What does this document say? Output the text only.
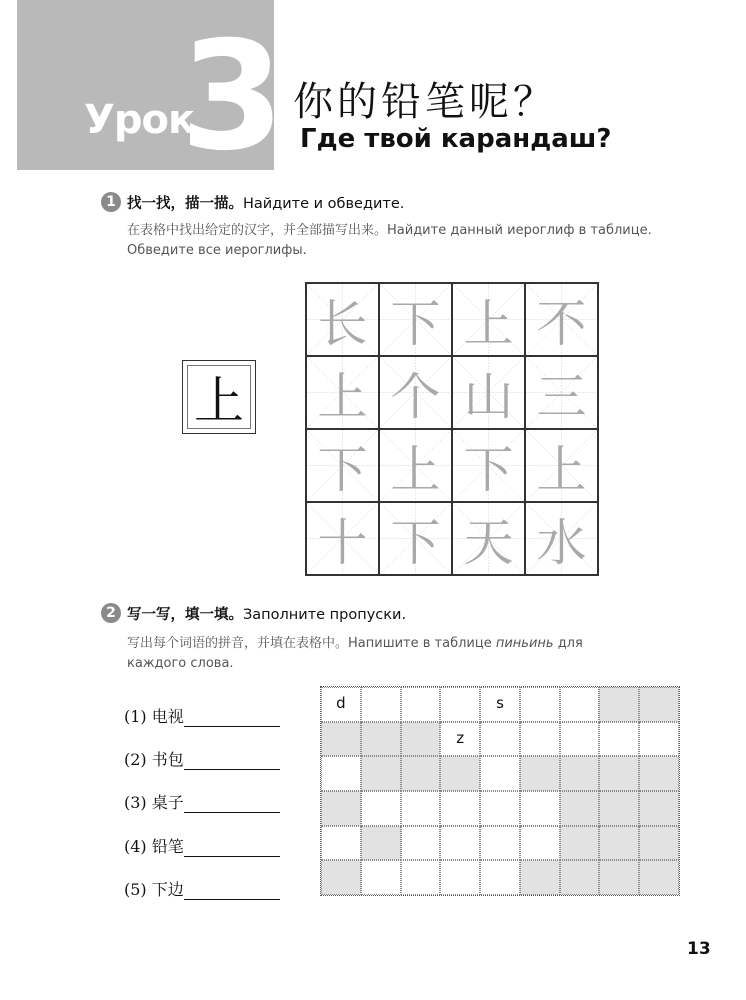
Урок
3 你的铅笔呢？
Где твой карандаш?
1 找一找，描一描。Найдите и обведите.
在表格中找出给定的汉字，并全部描写出来。Найдите данный иероглиф в таблице.
Обведите все иероглифы.
上
长 下 上 不
上 个 山 三
下 上 下 上
十 下 天 水
2 写一写，填一填。Заполните пропуски.
写出每个词语的拼音，并填在表格中。Напишите в таблице пиньинь для
каждого слова.
(1) 电视
(2) 书包
(3) 桌子
(4) 铅笔
(5) 下边
d	s
z
13
